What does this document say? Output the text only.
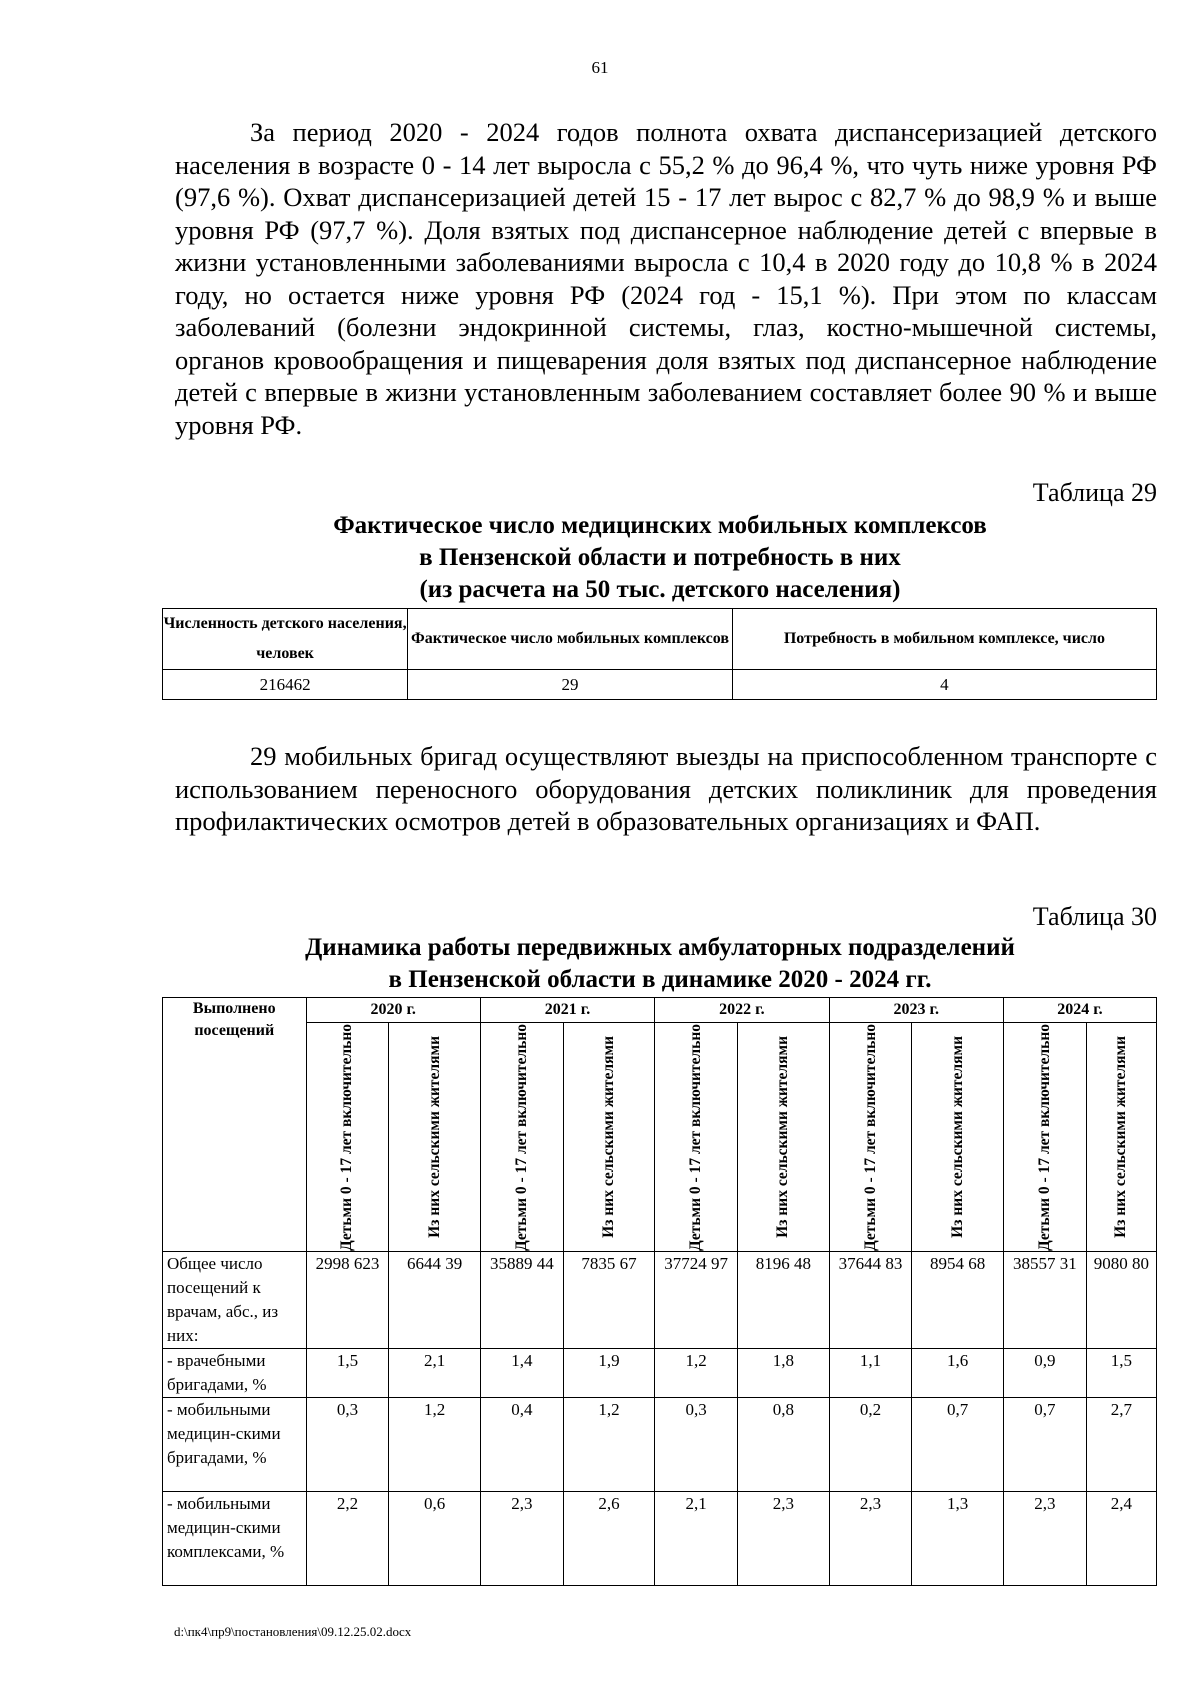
61

За период 2020 - 2024 годов полнота охвата диспансеризацией детского населения в возрасте 0 - 14 лет выросла с 55,2 % до 96,4 %, что чуть ниже уровня РФ (97,6 %). Охват диспансеризацией детей 15 - 17 лет вырос с 82,7 % до 98,9 % и выше уровня РФ (97,7 %). Доля взятых под диспансерное наблюдение детей с впервые в жизни установленными заболеваниями выросла с 10,4 в 2020 году до 10,8 % в 2024 году, но остается ниже уровня РФ (2024 год - 15,1 %). При этом по классам заболеваний (болезни эндокринной системы, глаз, костно-мышечной системы, органов кровообращения и пищеварения доля взятых под диспансерное наблюдение детей с впервые в жизни установленным заболеванием составляет более 90 % и выше уровня РФ.

Таблица 29
Фактическое число медицинских мобильных комплексов
в Пензенской области и потребность в них
(из расчета на 50 тыс. детского населения)
Численность детского населения, человек	Фактическое число мобильных комплексов	Потребность в мобильном комплексе, число
216462	29	4

29 мобильных бригад осуществляют выезды на приспособленном транспорте с использованием переносного оборудования детских поликлиник для проведения профилактических осмотров детей в образовательных организациях и ФАП.

Таблица 30
Динамика работы передвижных амбулаторных подразделений
в Пензенской области в динамике 2020 - 2024 гг.
Выполнено посещений	2020 г.		2021 г.		2022 г.		2023 г.		2024 г.	

	Детьми 0 - 17 лет включительно	Из них сельскими жителями	Детьми 0 - 17 лет включительно	Из них сельскими жителями	Детьми 0 - 17 лет включительно	Из них сельскими жителями	Детьми 0 - 17 лет включительно	Из них сельскими жителями	Детьми 0 - 17 лет включительно	Из них сельскими жителями

Общее число посещений к врачам, абс., из них:	2998 623	6644 39	35889 44	7835 67	37724 97	8196 48	37644 83	8954 68	38557 31	9080 80
- врачебными бригадами, %	1,5	2,1	1,4	1,9	1,2	1,8	1,1	1,6	0,9	1,5
- мобильными медицин-скими бригадами, %	0,3	1,2	0,4	1,2	0,3	0,8	0,2	0,7	0,7	2,7
- мобильными медицин-скими комплексами, %	2,2	0,6	2,3	2,6	2,1	2,3	2,3	1,3	2,3	2,4
d:\пк4\пр9\постановления\09.12.25.02.docx
